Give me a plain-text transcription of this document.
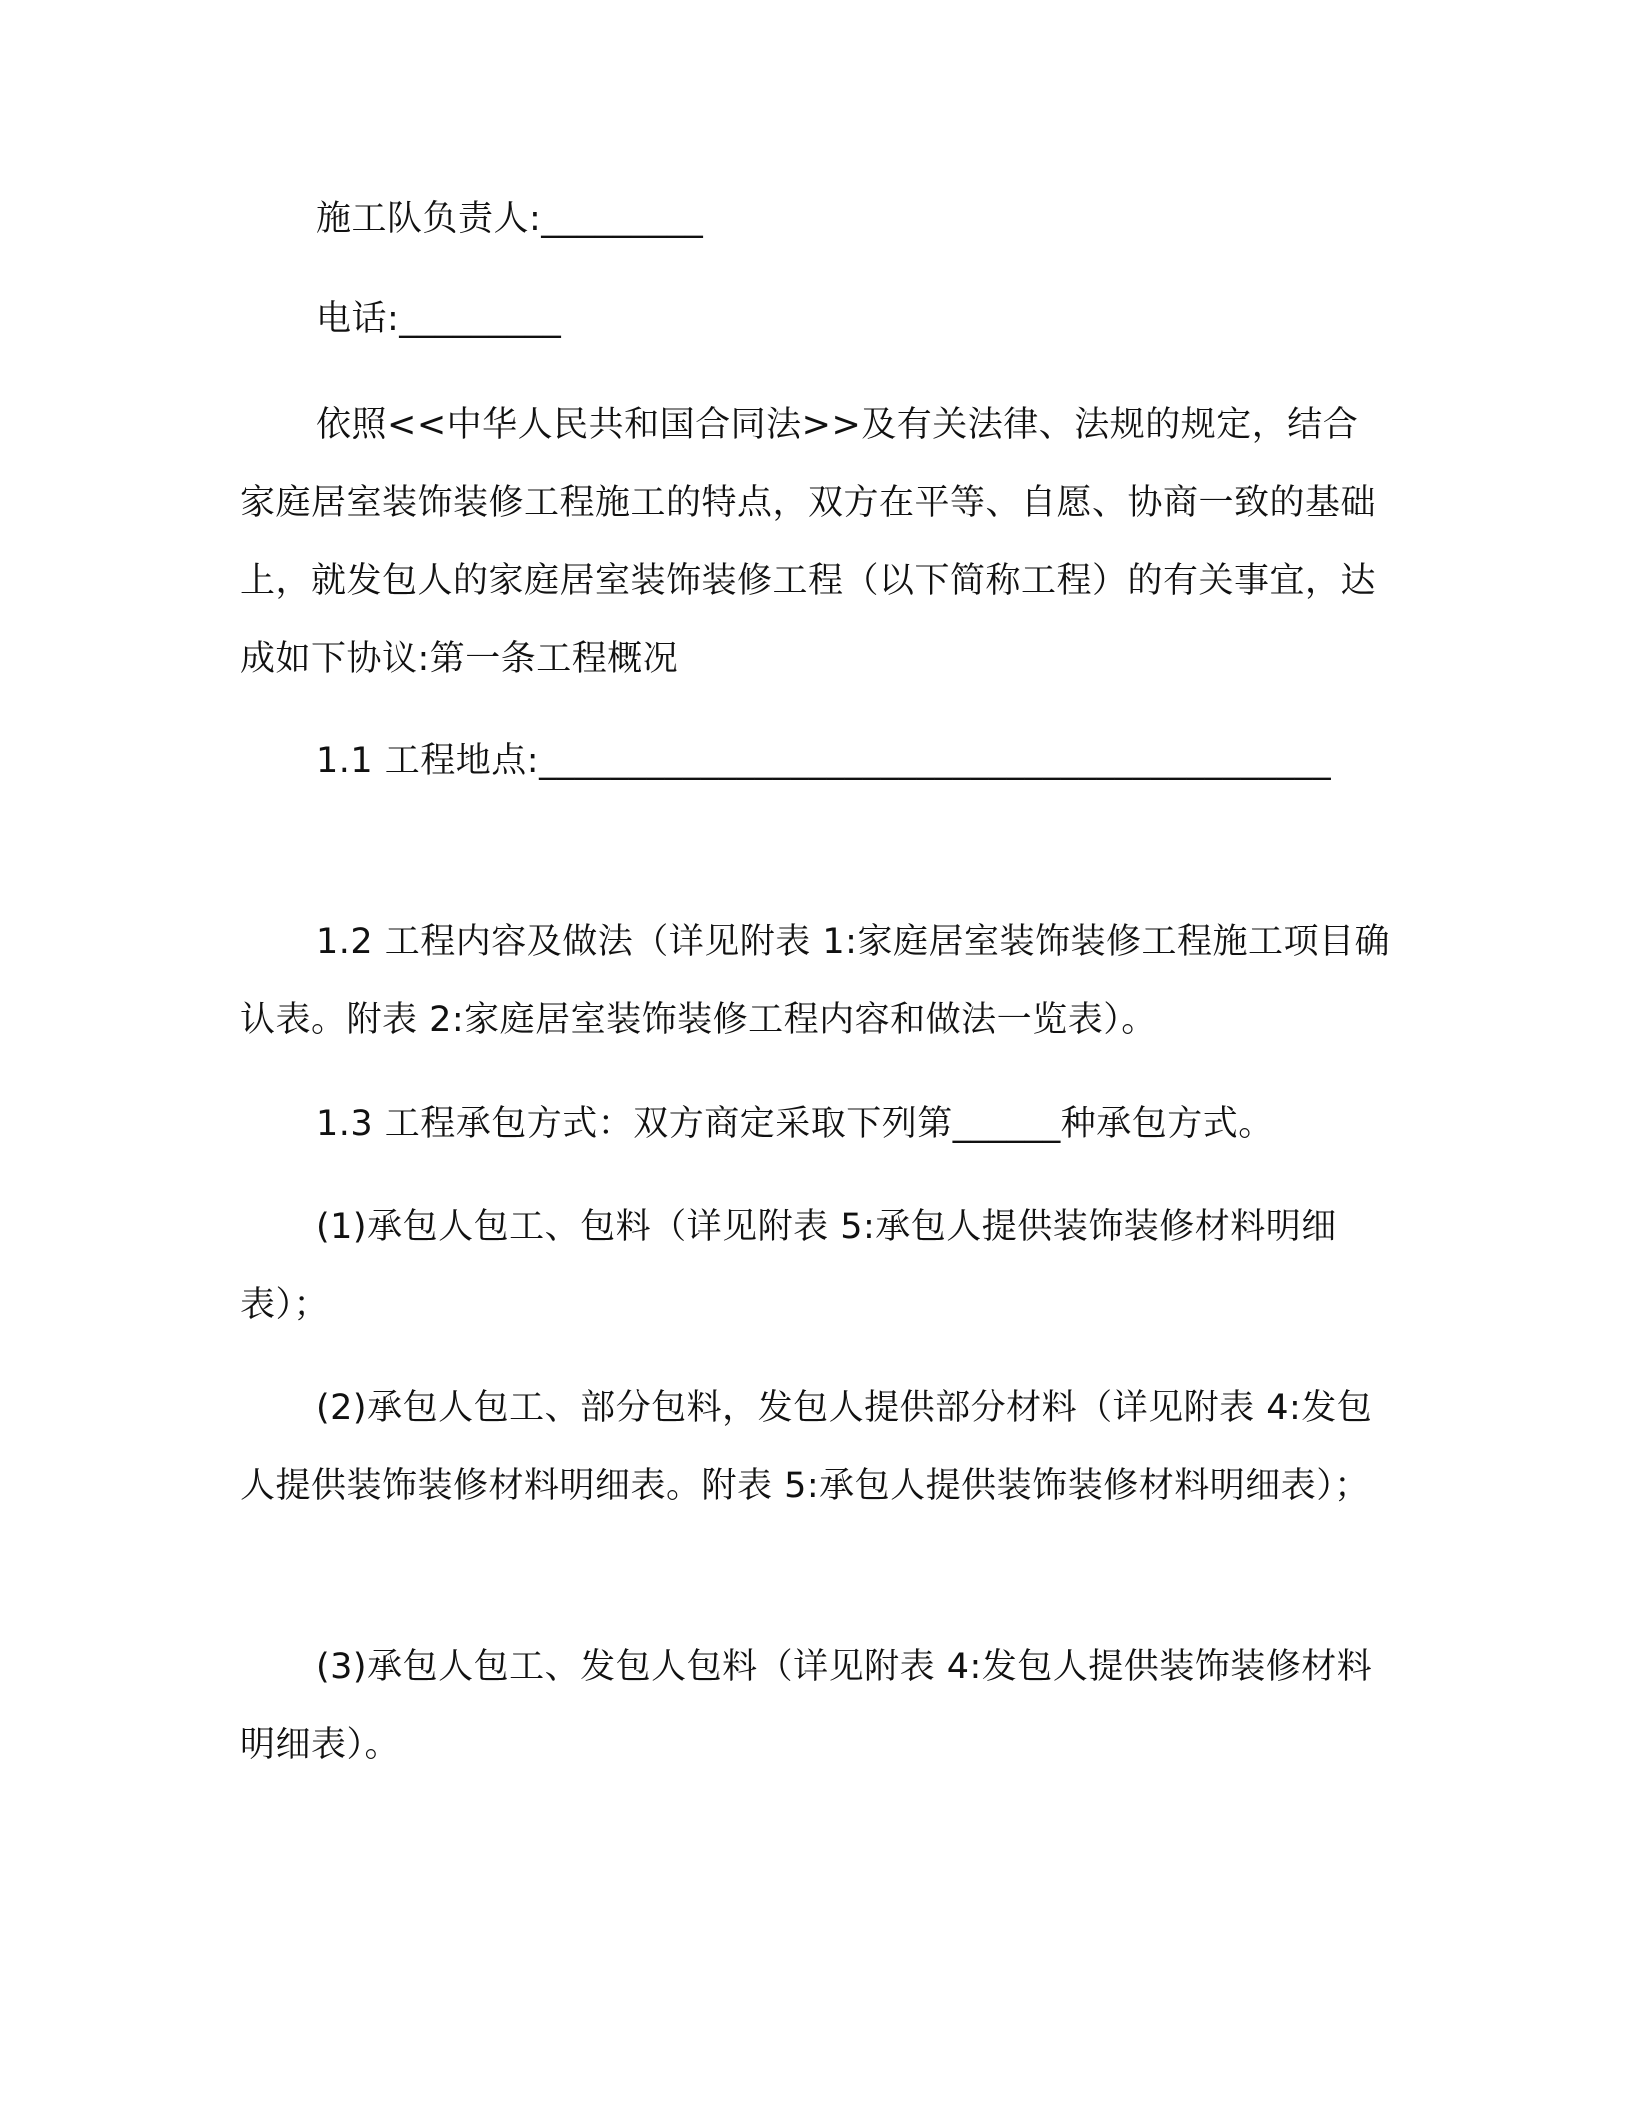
施工队负责人:_________
电话:_________
依照<<中华人民共和国合同法>>及有关法律、法规的规定，结合家庭居室装饰装修工程施工的特点，双方在平等、自愿、协商一致的基础上，就发包人的家庭居室装饰装修工程（以下简称工程）的有关事宜，达成如下协议:第一条工程概况
1.1 工程地点:____________________________________________
1.2 工程内容及做法（详见附表 1:家庭居室装饰装修工程施工项目确认表。附表 2:家庭居室装饰装修工程内容和做法一览表）。
1.3 工程承包方式：双方商定采取下列第______种承包方式。
(1)承包人包工、包料（详见附表 5:承包人提供装饰装修材料明细表）；
(2)承包人包工、部分包料，发包人提供部分材料（详见附表 4:发包人提供装饰装修材料明细表。附表 5:承包人提供装饰装修材料明细表）；
(3)承包人包工、发包人包料（详见附表 4:发包人提供装饰装修材料明细表）。
